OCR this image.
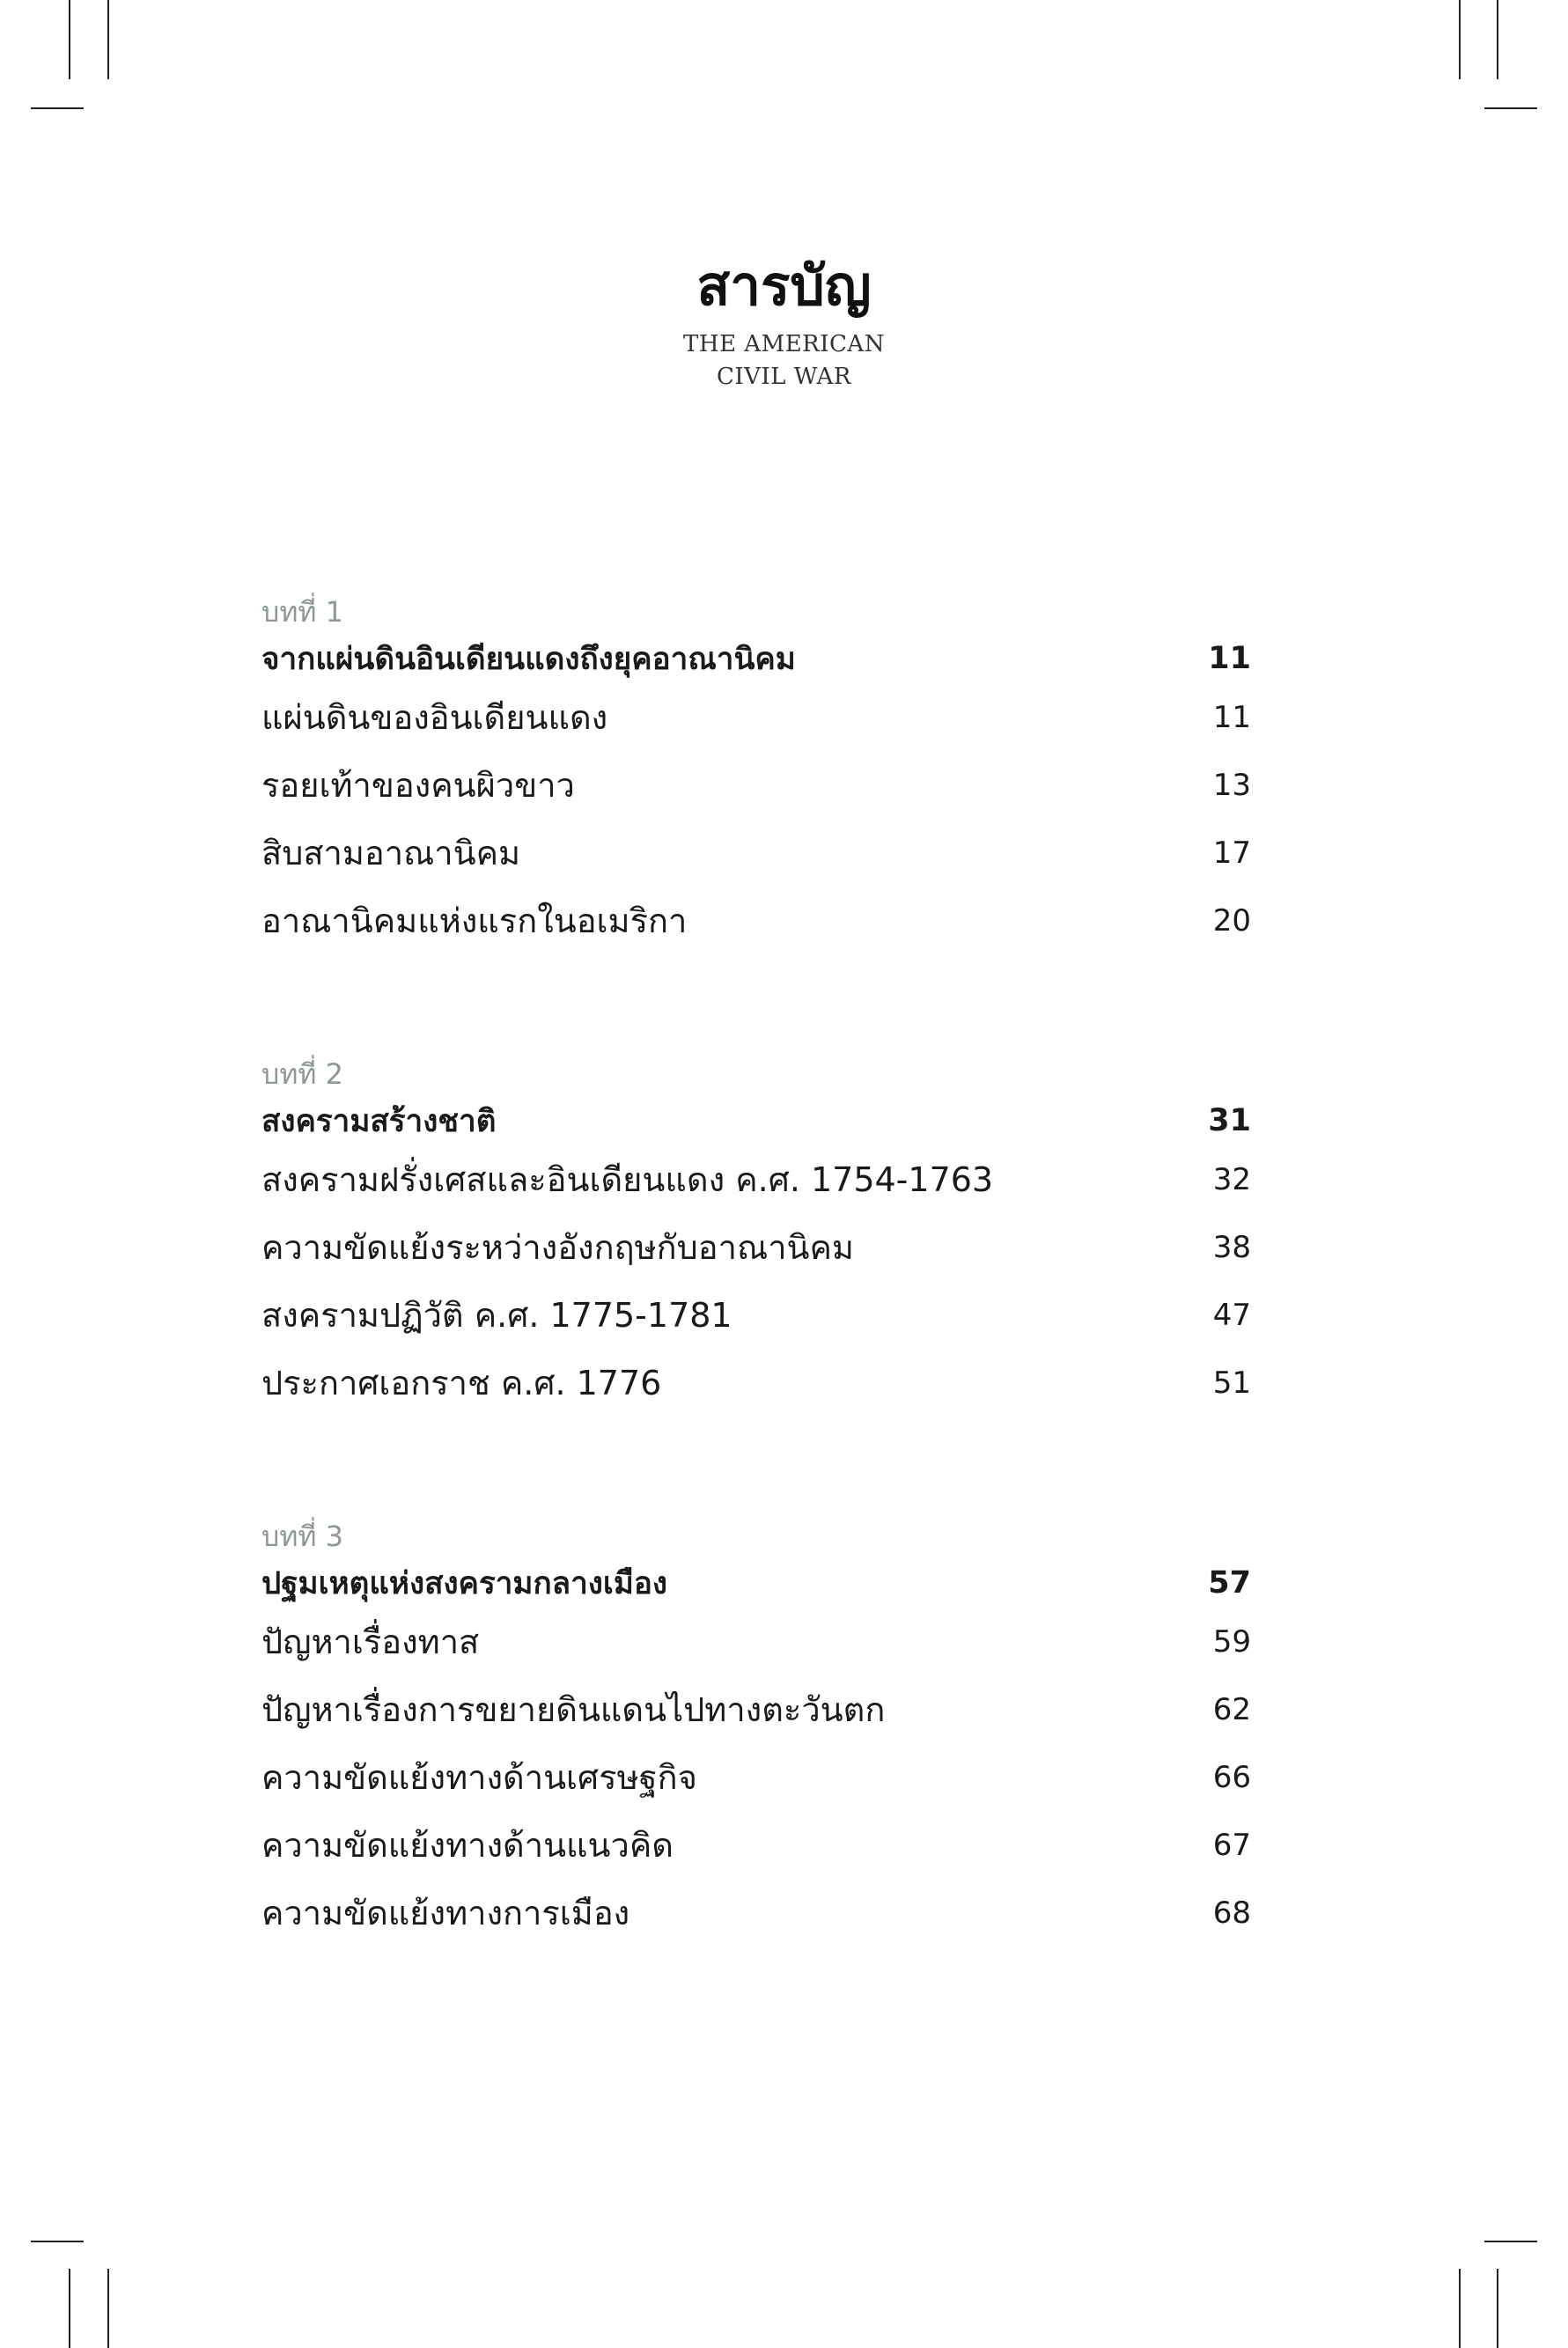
สารบัญ
THE AMERICAN
CIVIL WAR
บทที่ 1
จากแผ่นดินอินเดียนแดงถึงยุคอาณานิคม	11
แผ่นดินของอินเดียนแดง	11
รอยเท้าของคนผิวขาว	13
สิบสามอาณานิคม	17
อาณานิคมแห่งแรกในอเมริกา	20
บทที่ 2
สงครามสร้างชาติ	31
สงครามฝรั่งเศสและอินเดียนแดง ค.ศ. 1754-1763	32
ความขัดแย้งระหว่างอังกฤษกับอาณานิคม	38
สงครามปฏิวัติ ค.ศ. 1775-1781	47
ประกาศเอกราช ค.ศ. 1776	51
บทที่ 3
ปฐมเหตุแห่งสงครามกลางเมือง	57
ปัญหาเรื่องทาส	59
ปัญหาเรื่องการขยายดินแดนไปทางตะวันตก	62
ความขัดแย้งทางด้านเศรษฐกิจ	66
ความขัดแย้งทางด้านแนวคิด	67
ความขัดแย้งทางการเมือง	68
